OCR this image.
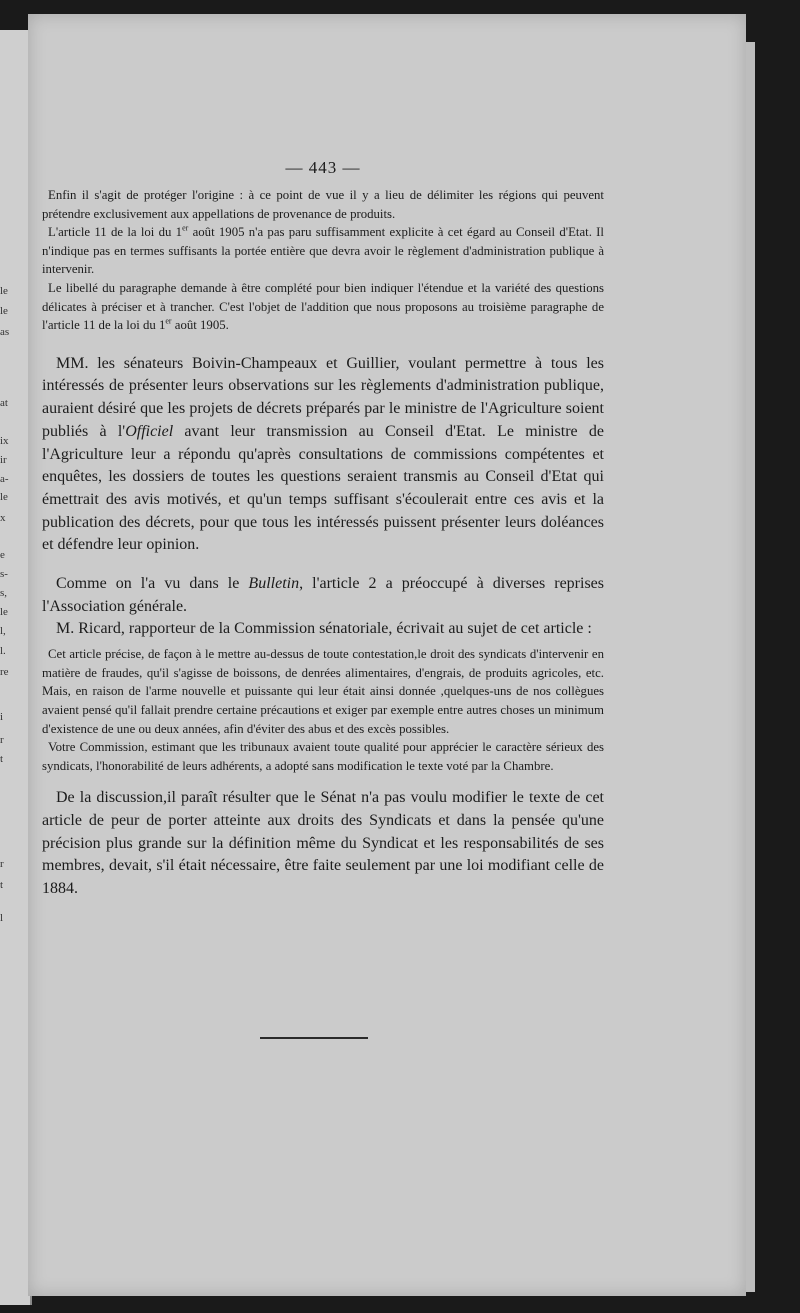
le
le
as
at
ix
ir
a-
le
x
e
s-
s,
le
l,
l.
re
i
r
t
r
t
l
— 443 —

Enfin il s'agit de protéger l'origine : à ce point de vue il y a lieu de délimiter les régions qui peuvent prétendre exclusivement aux appellations de provenance de produits.

L'article 11 de la loi du 1er août 1905 n'a pas paru suffisamment explicite à cet égard au Conseil d'Etat. Il n'indique pas en termes suffisants la portée entière que devra avoir le règlement d'administration publique à intervenir.

Le libellé du paragraphe demande à être complété pour bien indiquer l'étendue et la variété des questions délicates à préciser et à trancher. C'est l'objet de l'addition que nous proposons au troisième paragraphe de l'article 11 de la loi du 1er août 1905.

MM. les sénateurs Boivin-Champeaux et Guillier, voulant permettre à tous les intéressés de présenter leurs observations sur les règlements d'administration publique, auraient désiré que les projets de décrets préparés par le ministre de l'Agriculture soient publiés à l'Officiel avant leur transmission au Conseil d'Etat. Le ministre de l'Agriculture leur a répondu qu'après consultations de commissions compétentes et enquêtes, les dossiers de toutes les questions seraient transmis au Conseil d'Etat qui émettrait des avis motivés, et qu'un temps suffisant s'écoulerait entre ces avis et la publication des décrets, pour que tous les intéressés puissent présenter leurs doléances et défendre leur opinion.

Comme on l'a vu dans le Bulletin, l'article 2 a préoccupé à diverses reprises l'Association générale.

M. Ricard, rapporteur de la Commission sénatoriale, écrivait au sujet de cet article :

Cet article précise, de façon à le mettre au-dessus de toute contestation,le droit des syndicats d'intervenir en matière de fraudes, qu'il s'agisse de boissons, de denrées alimentaires, d'engrais, de produits agricoles, etc. Mais, en raison de l'arme nouvelle et puissante qui leur était ainsi donnée ,quelques-uns de nos collègues avaient pensé qu'il fallait prendre certaine précautions et exiger par exemple entre autres choses un minimum d'existence de une ou deux années, afin d'éviter des abus et des excès possibles.

Votre Commission, estimant que les tribunaux avaient toute qualité pour apprécier le caractère sérieux des syndicats, l'honorabilité de leurs adhérents, a adopté sans modification le texte voté par la Chambre.

De la discussion,il paraît résulter que le Sénat n'a pas voulu modifier le texte de cet article de peur de porter atteinte aux droits des Syndicats et dans la pensée qu'une précision plus grande sur la définition même du Syndicat et les responsabilités de ses membres, devait, s'il était nécessaire, être faite seulement par une loi modifiant celle de 1884.
